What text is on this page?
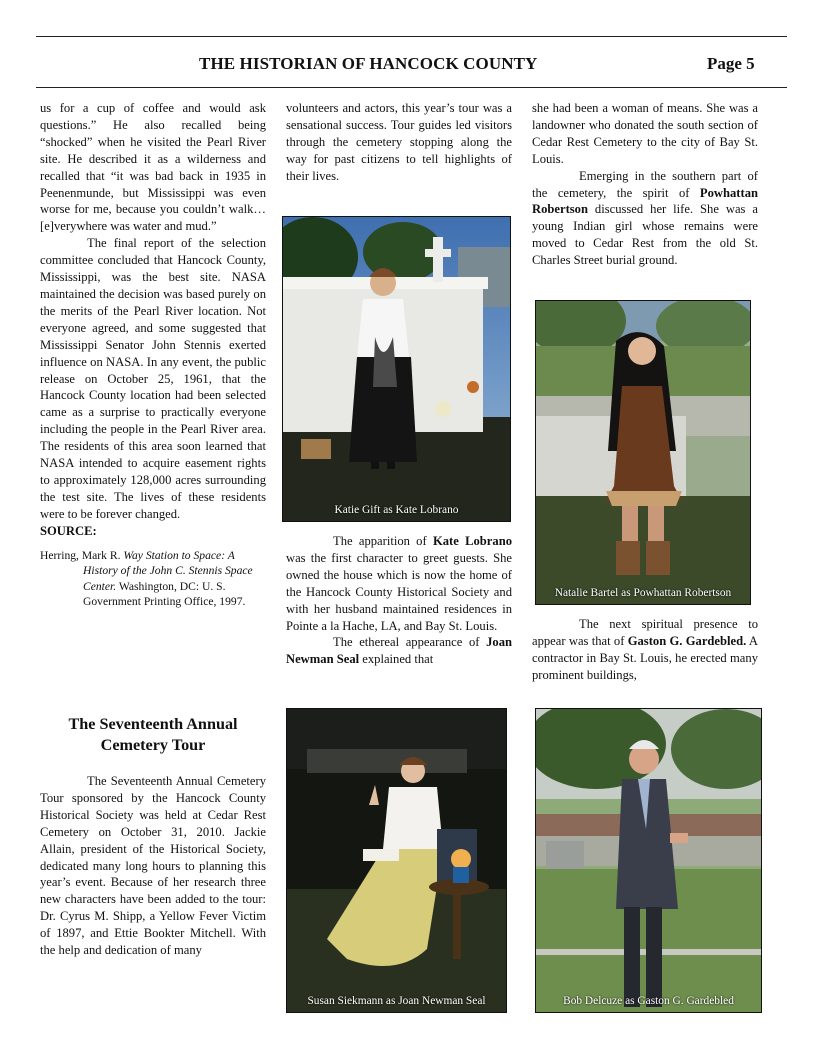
THE HISTORIAN OF HANCOCK COUNTY	Page 5

us for a cup of coffee and would ask questions.” He also recalled being “shocked” when he visited the Pearl River site. He described it as a wilderness and recalled that “it was bad back in 1935 in Peenenmunde, but Mississippi was even worse for me, because you couldn’t walk…[e]verywhere was water and mud.”

The final report of the selection committee concluded that Hancock County, Mississippi, was the best site. NASA maintained the decision was based purely on the merits of the Pearl River location. Not everyone agreed, and some suggested that Mississippi Senator John Stennis exerted influence on NASA. In any event, the public release on October 25, 1961, that the Hancock County location had been selected came as a surprise to practically everyone including the people in the Pearl River area. The residents of this area soon learned that NASA intended to acquire easement rights to approximately 128,000 acres surrounding the test site. The lives of these residents were to be forever changed.

SOURCE:

Herring, Mark R. Way Station to Space: A History of the John C. Stennis Space Center. Washington, DC: U. S. Government Printing Office, 1997.

The Seventeenth Annual Cemetery Tour

The Seventeenth Annual Cemetery Tour sponsored by the Hancock County Historical Society was held at Cedar Rest Cemetery on October 31, 2010. Jackie Allain, president of the Historical Society, dedicated many long hours to planning this year’s event. Because of her research three new characters have been added to the tour: Dr. Cyrus M. Shipp, a Yellow Fever Victim of 1897, and Ettie Bookter Mitchell. With the help and dedication of many

volunteers and actors, this year’s tour was a sensational success. Tour guides led visitors through the cemetery stopping along the way for past citizens to tell highlights of their lives.

The apparition of Kate Lobrano was the first character to greet guests. She owned the house which is now the home of the Hancock County Historical Society and with her husband maintained residences in Pointe a la Hache, LA, and Bay St. Louis.

The ethereal appearance of Joan Newman Seal explained that

she had been a woman of means. She was a landowner who donated the south section of Cedar Rest Cemetery to the city of Bay St. Louis.

Emerging in the southern part of the cemetery, the spirit of Powhattan Robertson discussed her life. She was a young Indian girl whose remains were moved to Cedar Rest from the old St. Charles Street burial ground.

The next spiritual presence to appear was that of Gaston G. Gardebled. A contractor in Bay St. Louis, he erected many prominent buildings,

Katie Gift as Kate Lobrano
Natalie Bartel as Powhattan Robertson
Susan Siekmann as Joan Newman Seal	Bob Delcuze as Gaston G. Gardebled
